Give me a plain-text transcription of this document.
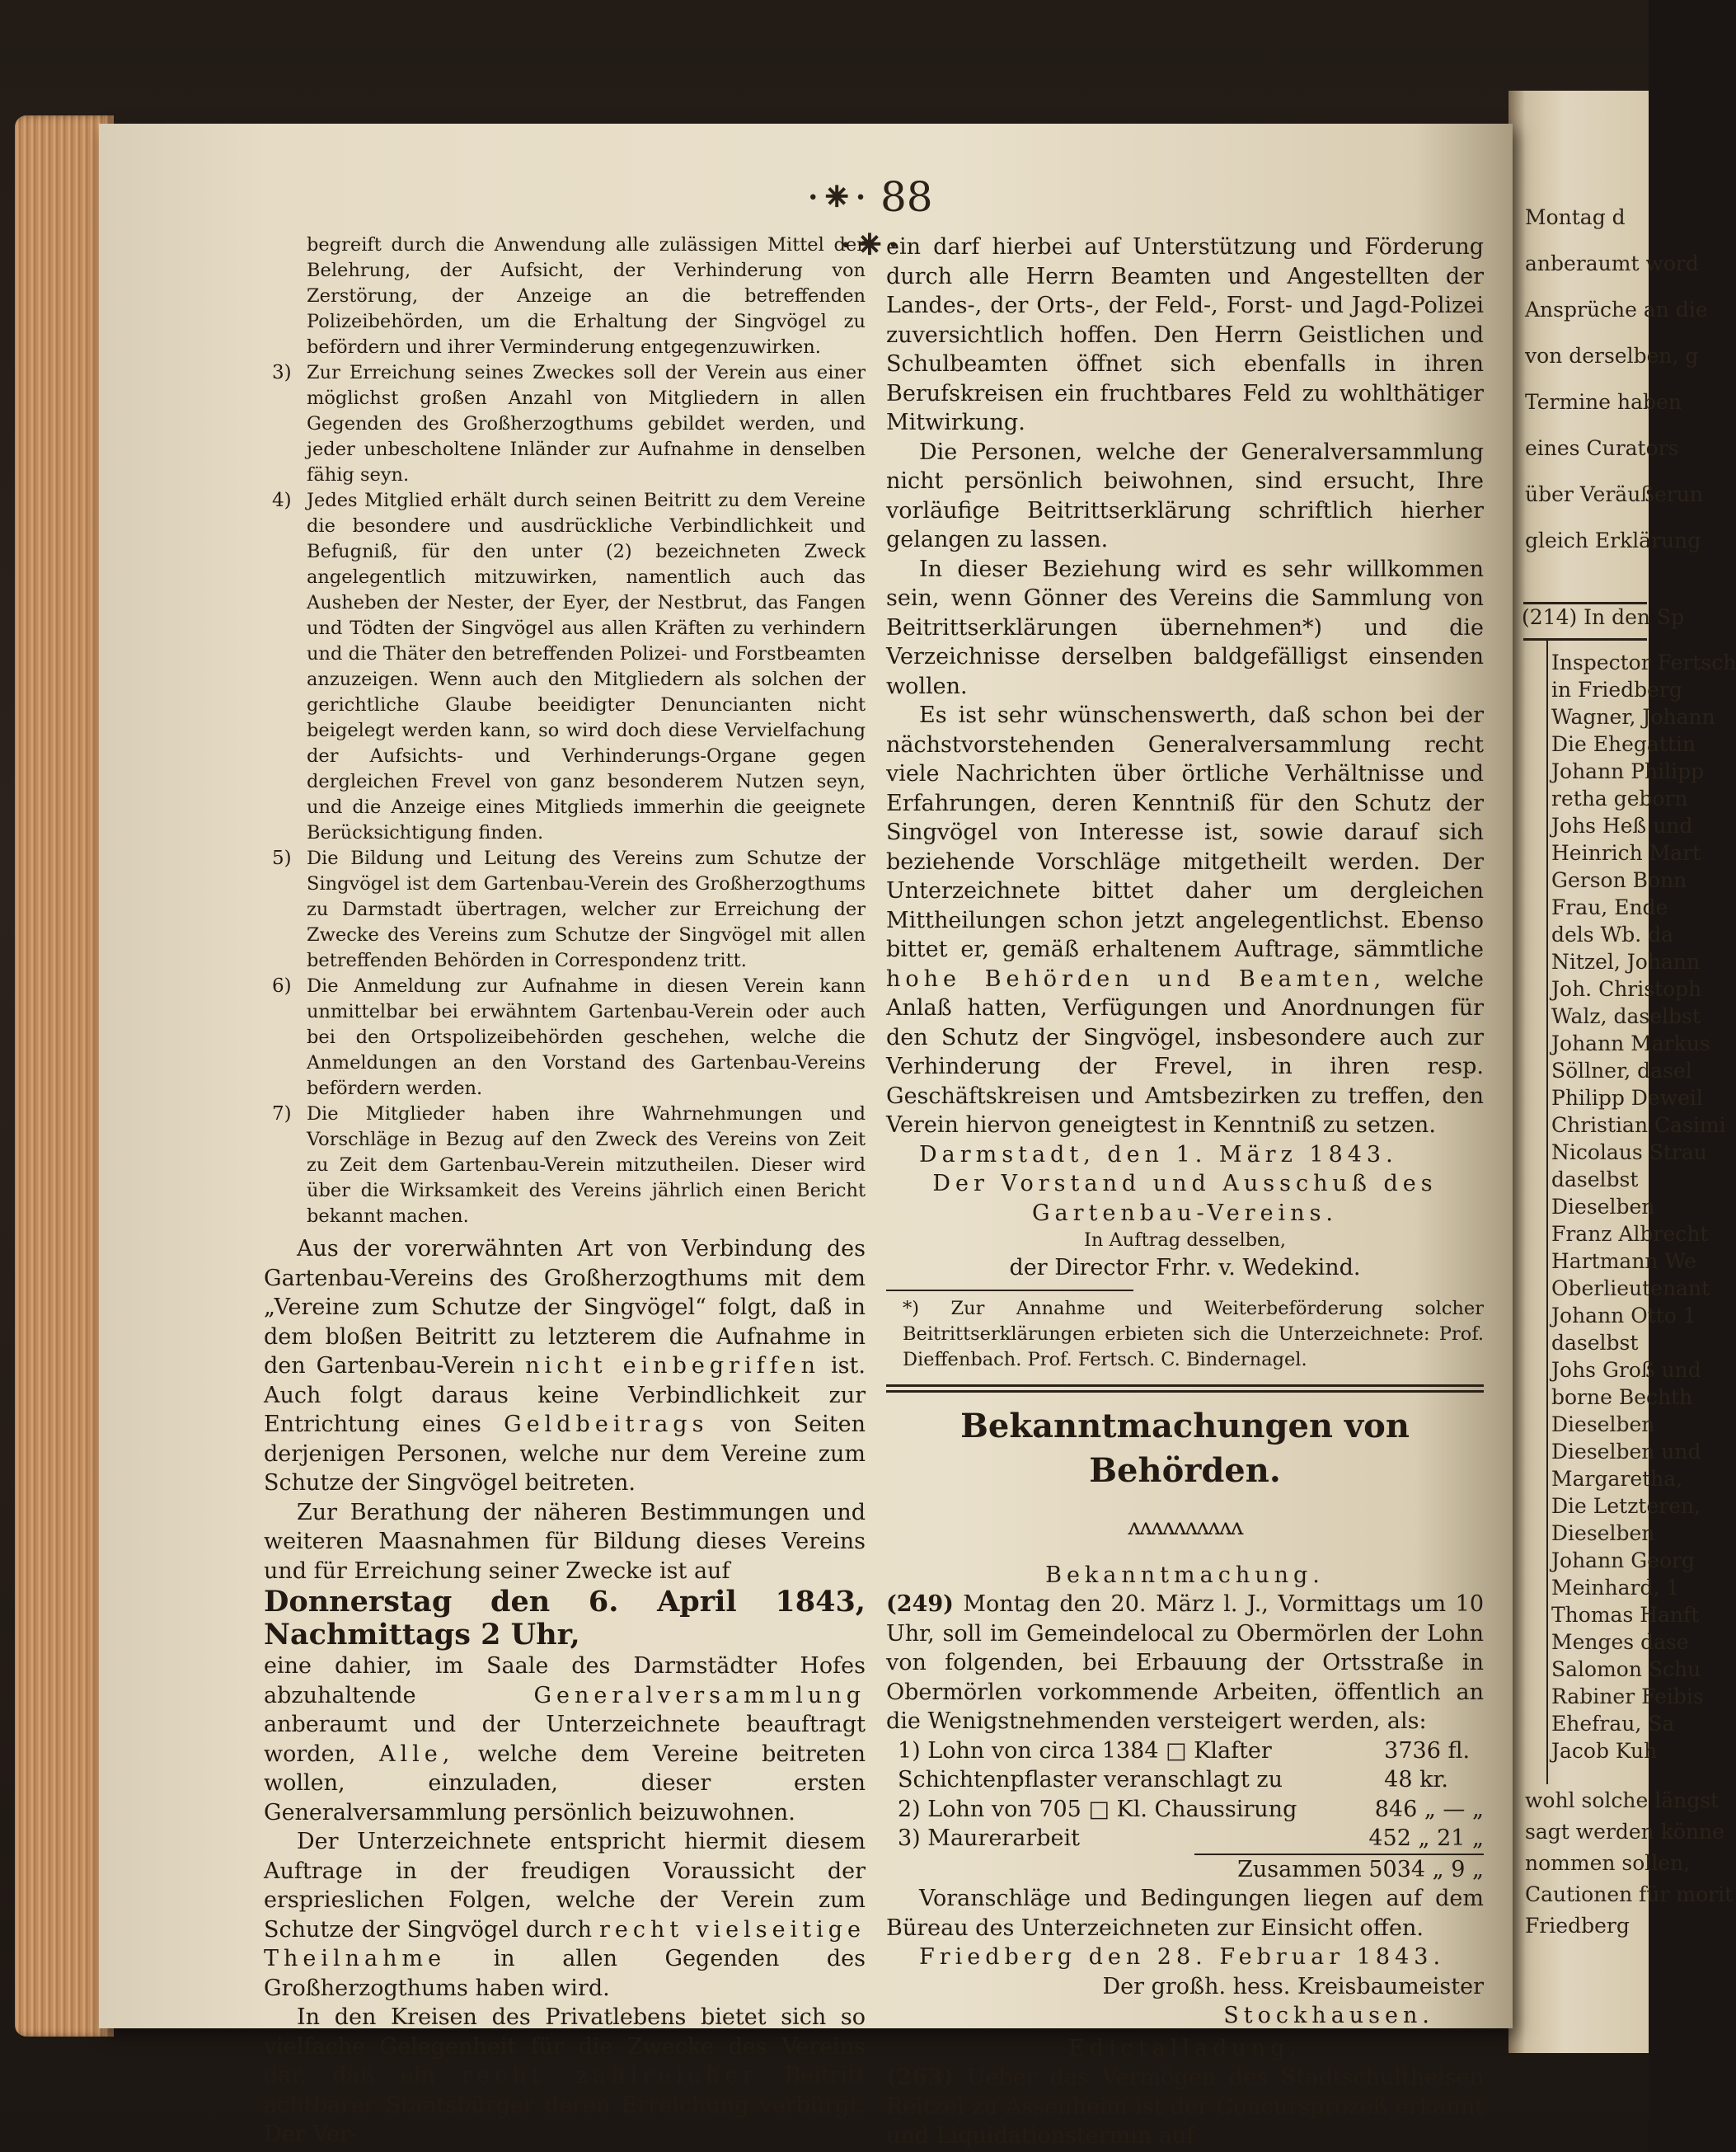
Montag d
anberaumt word
Ansprüche an die
von derselben, g
Termine haben
eines Curators
über Veräußerun
gleich Erklärung
(214) In den Sp
Inspector Fertsch
in Friedberg
Wagner, Johann
Die Ehegattin
Johann Philipp
retha geborn
Johs Heß und
Heinrich Mart
Gerson Bonn
Frau, Ende
dels Wb. da
Nitzel, Johann
Joh. Christoph
Walz, daselbst
Johann Markus
Söllner, dasel
Philipp Deweil
Christian Casimi
Nicolaus Strau
daselbst
Dieselben
Franz Albrecht
Hartmann We
Oberlieutenant
Johann Otto 1
daselbst
Johs Groß und
borne Bechth
Dieselben
Dieselben und
Margaretha,
Die Letzteren,
Dieselben
Johann Georg
Meinhard, 1
Thomas Hanft
Menges dase
Salomon Schu
Rabiner Feibis
Ehefrau, Sa
Jacob Kuh
wohl solche längst
sagt werden könne
nommen sollen,
Cautionen für morit
Friedberg
·⁕· 88 ·⁕·

begreift durch die Anwendung alle zulässigen Mittel der Belehrung, der Aufsicht, der Verhinderung von Zerstörung, der Anzeige an die betreffenden Polizeibehörden, um die Erhaltung der Singvögel zu befördern und ihrer Verminderung entgegenzuwirken.

3) Zur Erreichung seines Zweckes soll der Verein aus einer möglichst großen Anzahl von Mitgliedern in allen Gegenden des Großherzogthums gebildet werden, und jeder unbescholtene Inländer zur Aufnahme in denselben fähig seyn.

4) Jedes Mitglied erhält durch seinen Beitritt zu dem Vereine die besondere und ausdrückliche Verbindlichkeit und Befugniß, für den unter (2) bezeichneten Zweck angelegentlich mitzuwirken, namentlich auch das Ausheben der Nester, der Eyer, der Nestbrut, das Fangen und Tödten der Singvögel aus allen Kräften zu verhindern und die Thäter den betreffenden Polizei- und Forstbeamten anzuzeigen. Wenn auch den Mitgliedern als solchen der gerichtliche Glaube beeidigter Denuncianten nicht beigelegt werden kann, so wird doch diese Vervielfachung der Aufsichts- und Verhinderungs-Organe gegen dergleichen Frevel von ganz besonderem Nutzen seyn, und die Anzeige eines Mitglieds immerhin die geeignete Berücksichtigung finden.

5) Die Bildung und Leitung des Vereins zum Schutze der Singvögel ist dem Gartenbau-Verein des Großherzogthums zu Darmstadt übertragen, welcher zur Erreichung der Zwecke des Vereins zum Schutze der Singvögel mit allen betreffenden Behörden in Correspondenz tritt.

6) Die Anmeldung zur Aufnahme in diesen Verein kann unmittelbar bei erwähntem Gartenbau-Verein oder auch bei den Ortspolizeibehörden geschehen, welche die Anmeldungen an den Vorstand des Gartenbau-Vereins befördern werden.

7) Die Mitglieder haben ihre Wahrnehmungen und Vorschläge in Bezug auf den Zweck des Vereins von Zeit zu Zeit dem Gartenbau-Verein mitzutheilen. Dieser wird über die Wirksamkeit des Vereins jährlich einen Bericht bekannt machen.

Aus der vorerwähnten Art von Verbindung des Gartenbau-Vereins des Großherzogthums mit dem „Vereine zum Schutze der Singvögel“ folgt, daß in dem bloßen Beitritt zu letzterem die Aufnahme in den Gartenbau-Verein nicht einbegriffen ist. Auch folgt daraus keine Verbindlichkeit zur Entrichtung eines Geldbeitrags von Seiten derjenigen Personen, welche nur dem Vereine zum Schutze der Singvögel beitreten.

Zur Berathung der näheren Bestimmungen und weiteren Maasnahmen für Bildung dieses Vereins und für Erreichung seiner Zwecke ist auf

Donnerstag den 6. April 1843, Nachmittags 2 Uhr,

eine dahier, im Saale des Darmstädter Hofes abzuhaltende	Generalversammlung anberaumt und der Unterzeichnete beauftragt worden, Alle, welche dem Vereine beitreten wollen, einzuladen, dieser ersten Generalversammlung persönlich beizuwohnen.

Der Unterzeichnete entspricht hiermit diesem Auftrage in der freudigen Voraussicht der ersprieslichen Folgen, welche der Verein zum Schutze der Singvögel durch recht vielseitige Theilnahme in allen Gegenden des Großherzogthums haben wird.

In den Kreisen des Privatlebens bietet sich so vielfache Gelegenheit für die Zwecke des Vereins dar, daß ein recht zahlreicher Beitritt achtbarer Staatsbürger deren Erreichung verbürgt. Der Ver-

ein darf hierbei auf Unterstützung und Förderung durch alle Herrn Beamten und Angestellten der Landes-, der Orts-, der Feld-, Forst- und Jagd-Polizei zuversichtlich hoffen. Den Herrn Geistlichen und Schulbeamten öffnet sich ebenfalls in ihren Berufskreisen ein fruchtbares Feld zu wohlthätiger Mitwirkung.

Die Personen, welche der Generalversammlung nicht persönlich beiwohnen, sind ersucht, Ihre vorläufige Beitrittserklärung schriftlich hierher gelangen zu lassen.

In dieser Beziehung wird es sehr willkommen sein, wenn Gönner des Vereins die Sammlung von Beitrittserklärungen übernehmen*) und die Verzeichnisse derselben baldgefälligst einsenden wollen.

Es ist sehr wünschenswerth, daß schon bei der nächstvorstehenden Generalversammlung recht viele Nachrichten über örtliche Verhältnisse und Erfahrungen, deren Kenntniß für den Schutz der Singvögel von Interesse ist, sowie darauf sich beziehende Vorschläge mitgetheilt werden. Der Unterzeichnete bittet daher um dergleichen Mittheilungen schon jetzt angelegentlichst. Ebenso bittet er, gemäß erhaltenem Auftrage, sämmtliche hohe Behörden und Beamten, welche Anlaß hatten, Verfügungen und Anordnungen für den Schutz der Singvögel, insbesondere auch zur Verhinderung der Frevel, in ihren resp. Geschäftskreisen und Amtsbezirken zu treffen, den Verein hiervon geneigtest in Kenntniß zu setzen.

Darmstadt, den 1. März 1843.

Der Vorstand und Ausschuß des Gartenbau-Vereins.

In Auftrag desselben,

der Director Frhr. v. Wedekind.

*) Zur Annahme und Weiterbeförderung solcher Beitrittserklärungen erbieten sich die Unterzeichnete: Prof. Dieffenbach. Prof. Fertsch. C. Bindernagel.

Bekanntmachungen von Behörden.

ʌʌʌʌʌʌʌʌʌʌ

Bekanntmachung.

(249) Montag den 20. März l. J., Vormittags um 10 Uhr, soll im Gemeindelocal zu Obermörlen der Lohn von folgenden, bei Erbauung der Ortsstraße in Obermörlen vorkommende Arbeiten, öffentlich an die Wenigstnehmenden versteigert werden, als:

1) Lohn von circa 1384 □ Klafter Schichtenpflaster veranschlagt zu
3736 fl. 48 kr.
2) Lohn von 705 □ Kl. Chaussirung	846 „ — „
3) Maurerarbeit	452 „ 21 „
Zusammen 5034 „ 9 „

Voranschläge und Bedingungen liegen auf dem Büreau des Unterzeichneten zur Einsicht offen.

Friedberg den 28. Februar 1843.

Der großh. hess. Kreisbaumeister

Stockhausen.

Edictalladung.

(263) Ueber das Vermögen des Stadtschultheisen Reitzel zu Assenheim ist der Concursprozeß erkannt und Liquidationstermin auf
